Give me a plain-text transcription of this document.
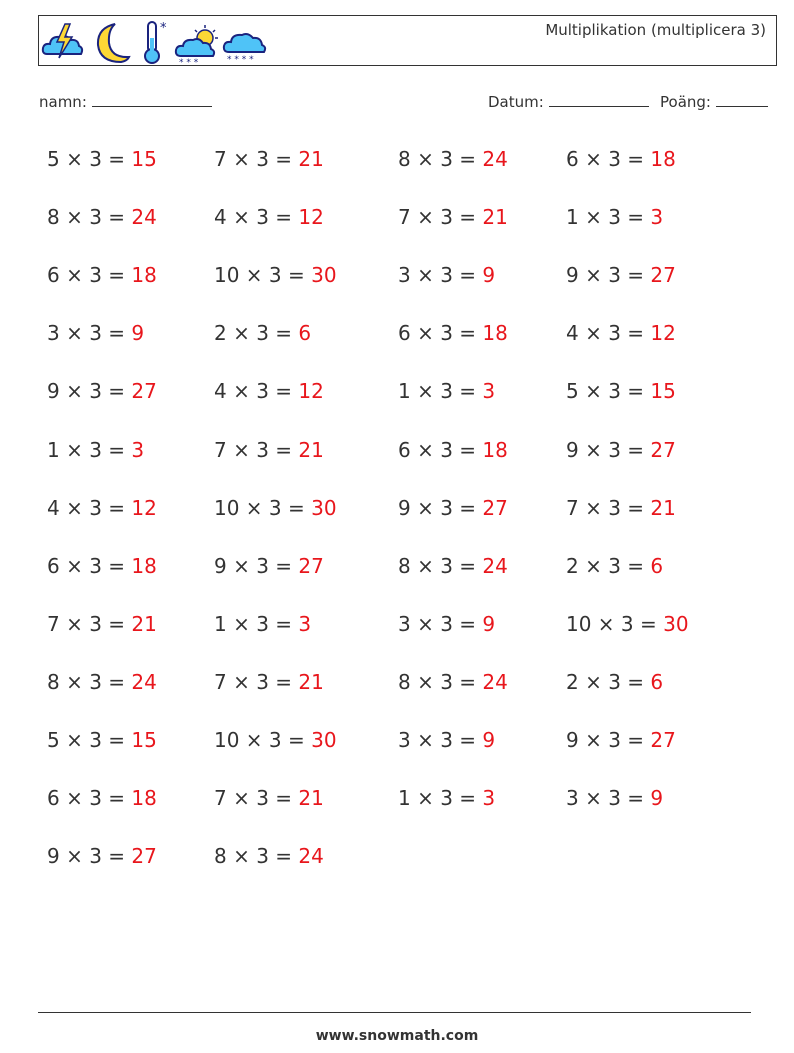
*
* * *	* * * *
Multiplikation (multiplicera 3)
namn:	Datum:	Poäng:
5 × 3 = 15	7 × 3 = 21	8 × 3 = 24	6 × 3 = 18
8 × 3 = 24	4 × 3 = 12	7 × 3 = 21	1 × 3 = 3
6 × 3 = 18	10 × 3 = 30	3 × 3 = 9	9 × 3 = 27
3 × 3 = 9	2 × 3 = 6	6 × 3 = 18	4 × 3 = 12
9 × 3 = 27	4 × 3 = 12	1 × 3 = 3	5 × 3 = 15
1 × 3 = 3	7 × 3 = 21	6 × 3 = 18	9 × 3 = 27
4 × 3 = 12	10 × 3 = 30	9 × 3 = 27	7 × 3 = 21
6 × 3 = 18	9 × 3 = 27	8 × 3 = 24	2 × 3 = 6
7 × 3 = 21	1 × 3 = 3	3 × 3 = 9	10 × 3 = 30
8 × 3 = 24	7 × 3 = 21	8 × 3 = 24	2 × 3 = 6
5 × 3 = 15	10 × 3 = 30	3 × 3 = 9	9 × 3 = 27
6 × 3 = 18	7 × 3 = 21	1 × 3 = 3	3 × 3 = 9
9 × 3 = 27	8 × 3 = 24
www.snowmath.com
